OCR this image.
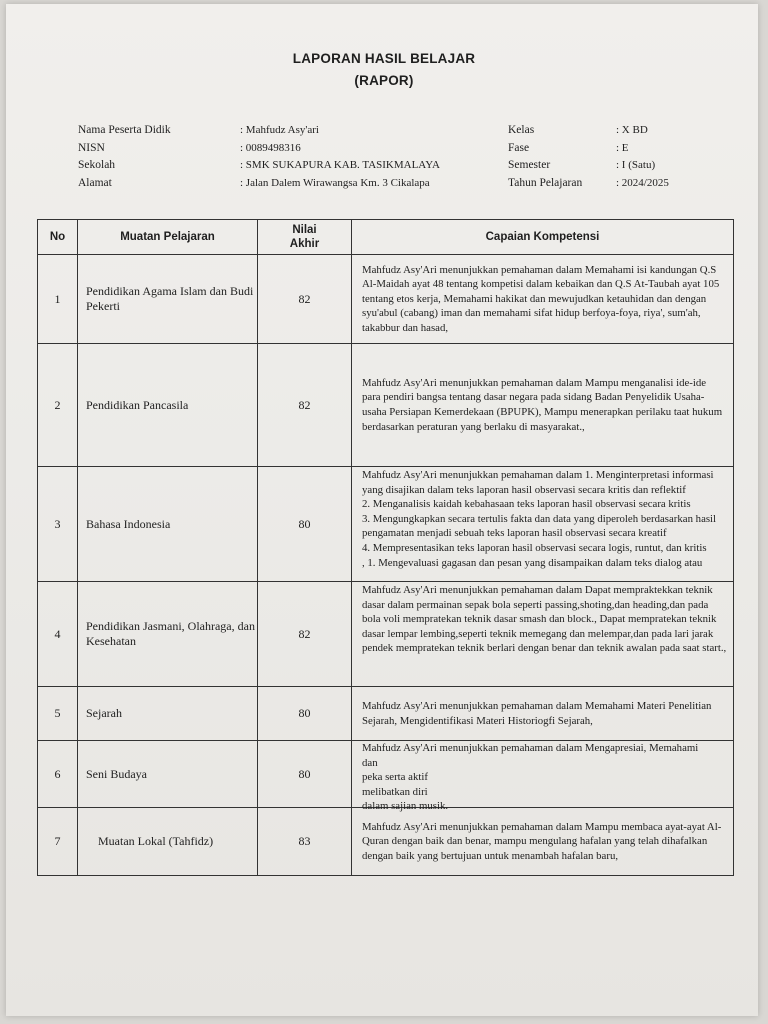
LAPORAN HASIL BELAJAR
(RAPOR)
Nama Peserta Didik	: Mahfudz Asy'ari
NISN	: 0089498316
Sekolah	: SMK SUKAPURA KAB. TASIKMALAYA
Alamat	: Jalan Dalem Wirawangsa Km. 3 Cikalapa
Kelas	: X BD
Fase	: E
Semester	: I (Satu)
Tahun Pelajaran	: 2024/2025
No	Muatan Pelajaran	Nilai Akhir	Capaian Kompetensi
1	Pendidikan Agama Islam dan Budi Pekerti	82	Mahfudz Asy'Ari menunjukkan pemahaman dalam Memahami isi kandungan Q.S Al-Maidah ayat 48 tentang kompetisi dalam kebaikan dan Q.S At-Taubah ayat 105 tentang etos kerja, Memahami hakikat dan mewujudkan ketauhidan dan dengan syu'abul (cabang) iman dan memahami sifat hidup berfoya-foya, riya', sum'ah, takabbur dan hasad,
2	Pendidikan Pancasila	82	Mahfudz Asy'Ari menunjukkan pemahaman dalam Mampu menganalisi ide-ide para pendiri bangsa tentang dasar negara pada sidang Badan Penyelidik Usaha-usaha Persiapan Kemerdekaan (BPUPK), Mampu menerapkan perilaku taat hukum berdasarkan peraturan yang berlaku di masyarakat.,
3	Bahasa Indonesia	80	Mahfudz Asy'Ari menunjukkan pemahaman dalam 1. Menginterpretasi informasi yang disajikan dalam teks laporan hasil observasi secara kritis dan reflektif
2. Menganalisis kaidah kebahasaan teks laporan hasil observasi secara kritis
3. Mengungkapkan secara tertulis fakta dan data yang diperoleh berdasarkan hasil pengamatan menjadi sebuah teks laporan hasil observasi secara kreatif
4. Mempresentasikan teks laporan hasil observasi secara logis, runtut, dan kritis
, 1. Mengevaluasi gagasan dan pesan yang disampaikan dalam teks dialog atau

4	Pendidikan Jasmani, Olahraga, dan Kesehatan	82	Mahfudz Asy'Ari menunjukkan pemahaman dalam Dapat mempraktekkan teknik dasar dalam permainan sepak bola seperti passing,shoting,dan heading,dan pada bola voli mempratekan teknik dasar smash dan block., Dapat mempratekan teknik dasar lempar lembing,seperti teknik memegang dan melempar,dan pada lari jarak pendek mempratekan teknik berlari dengan benar dan teknik awalan pada saat start.,

5	Sejarah	80	Mahfudz Asy'Ari menunjukkan pemahaman dalam Memahami Materi Penelitian Sejarah, Mengidentifikasi Materi Historiogfi Sejarah,
6	Seni Budaya	80	Mahfudz Asy'Ari menunjukkan pemahaman dalam Mengapresiai, Memahami
dan
peka serta aktif
melibatkan diri
dalam sajian musik.

7	Muatan Lokal (Tahfidz)	83	Mahfudz Asy'Ari menunjukkan pemahaman dalam Mampu membaca ayat-ayat Al-Quran dengan baik dan benar, mampu mengulang hafalan yang telah dihafalkan dengan baik yang bertujuan untuk menambah hafalan baru,
